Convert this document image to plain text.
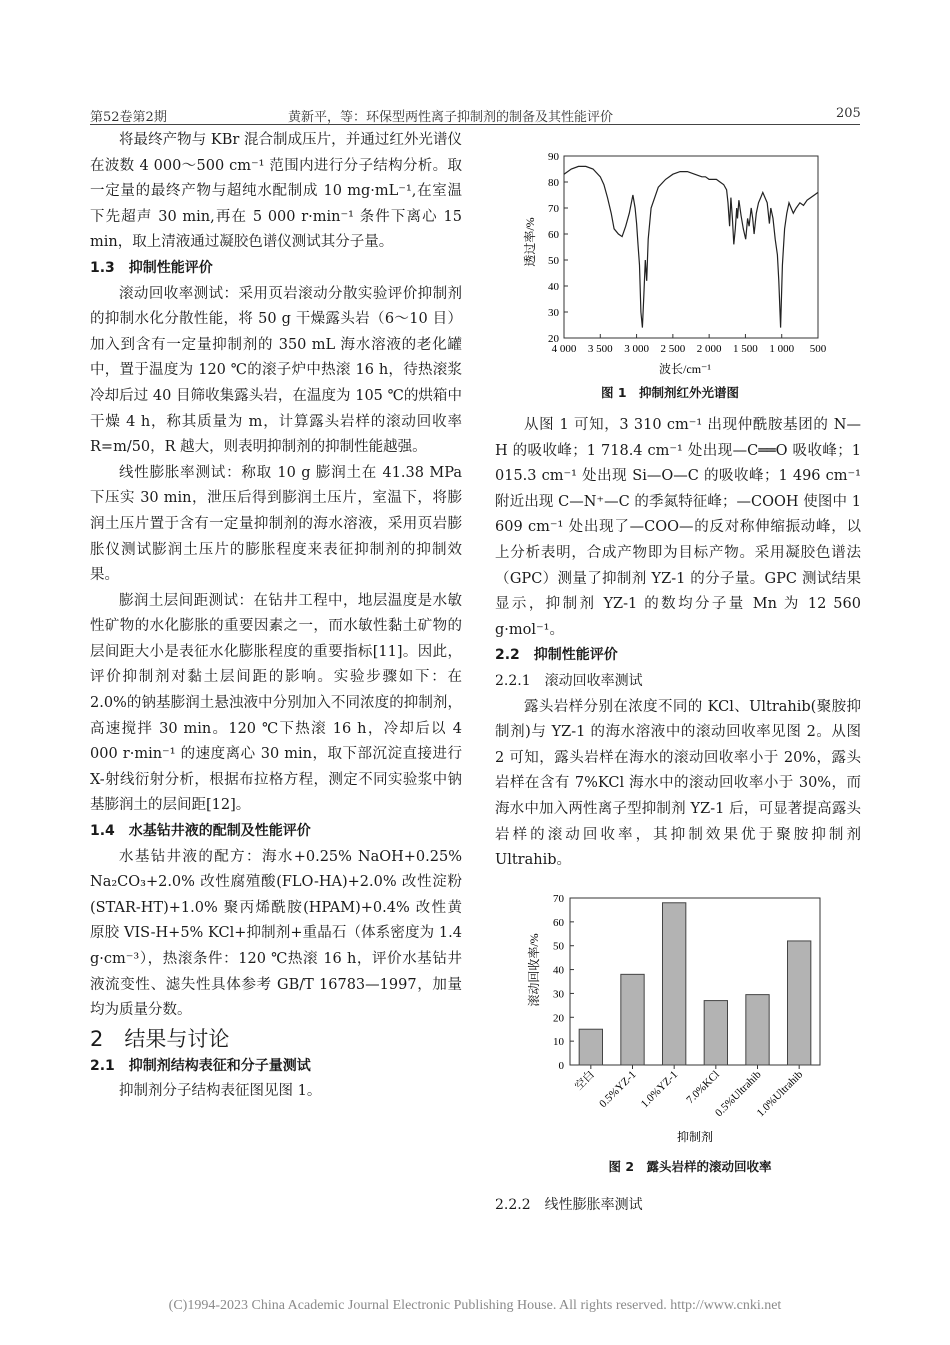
第52卷第2期	黄新平，等：环保型两性离子抑制剂的制备及其性能评价	205

将最终产物与 KBr 混合制成压片，并通过红外光谱仪在波数 4 000～500 cm⁻¹ 范围内进行分子结构分析。取一定量的最终产物与超纯水配制成 10 mg·mL⁻¹,在室温下先超声 30 min,再在 5 000 r·min⁻¹ 条件下离心 15 min，取上清液通过凝胶色谱仪测试其分子量。

1.3　抑制性能评价

滚动回收率测试：采用页岩滚动分散实验评价抑制剂的抑制水化分散性能，将 50 g 干燥露头岩（6～10 目）加入到含有一定量抑制剂的 350 mL 海水溶液的老化罐中，置于温度为 120 ℃的滚子炉中热滚 16 h，待热滚浆冷却后过 40 目筛收集露头岩，在温度为 105 ℃的烘箱中干燥 4 h，称其质量为 m，计算露头岩样的滚动回收率 R=m/50，R 越大，则表明抑制剂的抑制性能越强。

线性膨胀率测试：称取 10 g 膨润土在 41.38 MPa 下压实 30 min，泄压后得到膨润土压片，室温下，将膨润土压片置于含有一定量抑制剂的海水溶液，采用页岩膨胀仪测试膨润土压片的膨胀程度来表征抑制剂的抑制效果。

膨润土层间距测试：在钻井工程中，地层温度是水敏性矿物的水化膨胀的重要因素之一，而水敏性黏土矿物的层间距大小是表征水化膨胀程度的重要指标[11]。因此，评价抑制剂对黏土层间距的影响。实验步骤如下：在 2.0%的钠基膨润土悬浊液中分别加入不同浓度的抑制剂，高速搅拌 30 min。120 ℃下热滚 16 h，冷却后以 4 000 r·min⁻¹ 的速度离心 30 min，取下部沉淀直接进行 X-射线衍射分析，根据布拉格方程，测定不同实验浆中钠基膨润土的层间距[12]。

1.4　水基钻井液的配制及性能评价

水基钻井液的配方：海水+0.25% NaOH+0.25% Na₂CO₃+2.0% 改性腐殖酸(FLO-HA)+2.0% 改性淀粉(STAR-HT)+1.0% 聚丙烯酰胺(HPAM)+0.4% 改性黄原胶 VIS-H+5% KCl+抑制剂+重晶石（体系密度为 1.4 g·cm⁻³），热滚条件：120 ℃热滚 16 h，评价水基钻井液流变性、滤失性具体参考 GB/T 16783—1997，加量均为质量分数。

2　结果与讨论

2.1　抑制剂结构表征和分子量测试

抑制剂分子结构表征图见图 1。

4 000 3 500 3 000 2 500 2 000 1 500 1 000 500
20
30
40
50
60
70
80
90
波长/cm⁻¹
透过率/%
图 1　抑制剂红外光谱图

从图 1 可知，3 310 cm⁻¹ 出现仲酰胺基团的 N—H 的吸收峰；1 718.4 cm⁻¹ 处出现—C══O 吸收峰；1 015.3 cm⁻¹ 处出现 Si—O—C 的吸收峰；1 496 cm⁻¹ 附近出现 C—N⁺—C 的季氮特征峰；—COOH 使图中 1 609 cm⁻¹ 处出现了—COO—的反对称伸缩振动峰，以上分析表明，合成产物即为目标产物。采用凝胶色谱法（GPC）测量了抑制剂 YZ-1 的分子量。GPC 测试结果显示，抑制剂 YZ-1 的数均分子量 Mn 为 12 560 g·mol⁻¹。

2.2　抑制性能评价

2.2.1　滚动回收率测试

露头岩样分别在浓度不同的 KCl、Ultrahib(聚胺抑制剂)与 YZ-1 的海水溶液中的滚动回收率见图 2。从图 2 可知，露头岩样在海水的滚动回收率小于 20%，露头岩样在含有 7%KCl 海水中的滚动回收率小于 30%，而海水中加入两性离子型抑制剂 YZ-1 后，可显著提高露头岩样的滚动回收率，其抑制效果优于聚胺抑制剂 Ultrahib。

0
10
20
30
40
50
60
70
空白 0.5%YZ-1 1.0%YZ-1 7.0%KCl
0.5%Ultrahib
1.0%Ultrahib
抑制剂
滚动回收率/%
图 2　露头岩样的滚动回收率

2.2.2　线性膨胀率测试

(C)1994-2023 China Academic Journal Electronic Publishing House. All rights reserved. http://www.cnki.net
